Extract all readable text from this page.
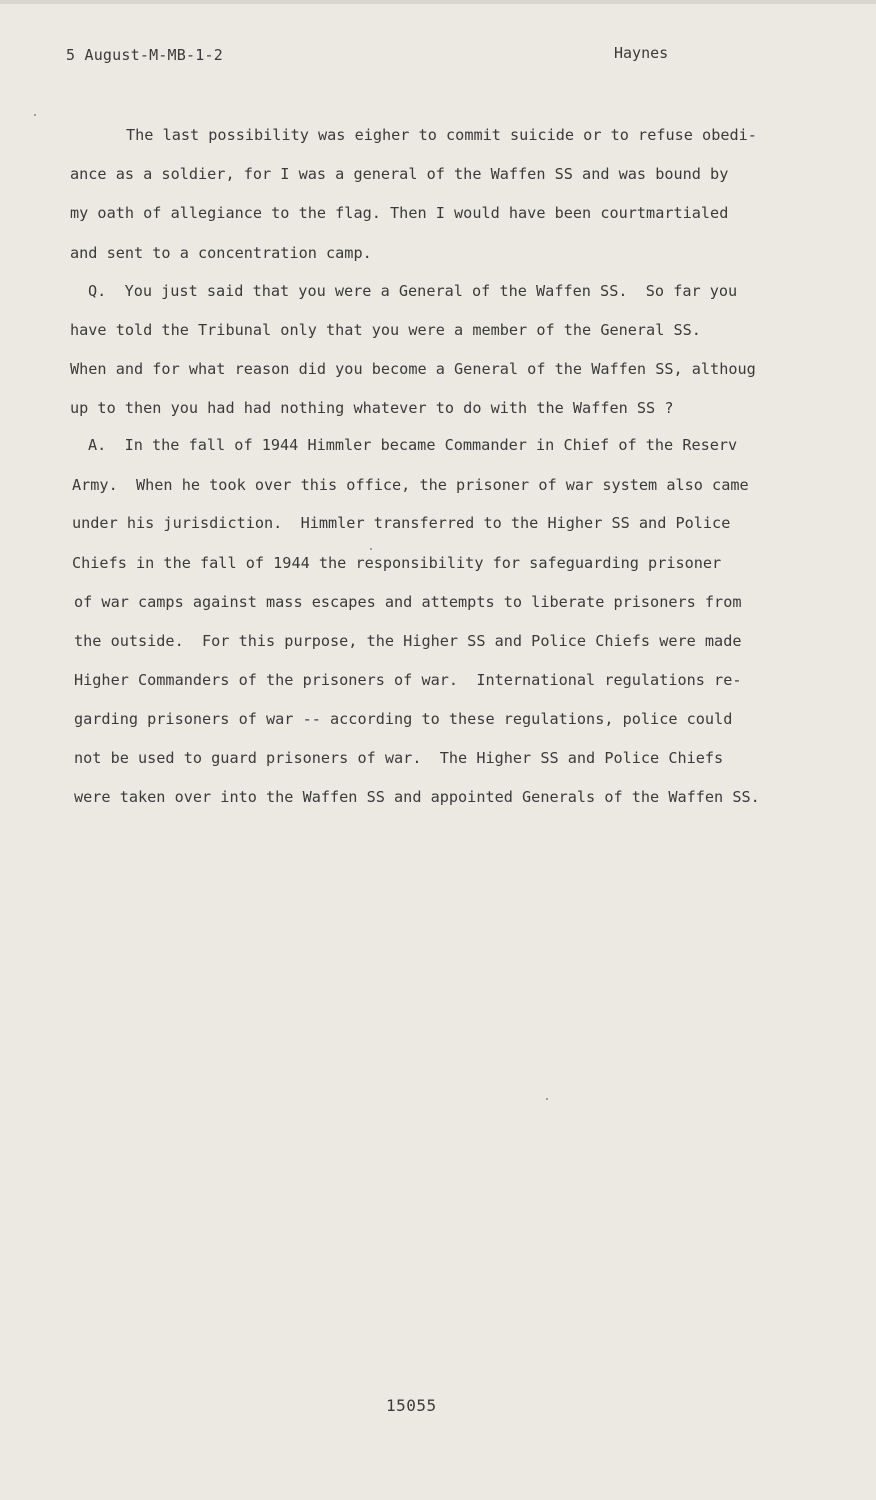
5 August-M-MB-1-2	Haynes
The last possibility was eigher to commit suicide or to refuse obedi-
ance as a soldier, for I was a general of the Waffen SS and was bound by
my oath of allegiance to the flag. Then I would have been courtmartialed
and sent to a concentration camp.
Q.  You just said that you were a General of the Waffen SS.  So far you
have told the Tribunal only that you were a member of the General SS.
When and for what reason did you become a General of the Waffen SS, althoug
up to then you had had nothing whatever to do with the Waffen SS ?
A.  In the fall of 1944 Himmler became Commander in Chief of the Reserv
Army.  When he took over this office, the prisoner of war system also came
under his jurisdiction.  Himmler transferred to the Higher SS and Police
Chiefs in the fall of 1944 the responsibility for safeguarding prisoner
of war camps against mass escapes and attempts to liberate prisoners from
the outside.  For this purpose, the Higher SS and Police Chiefs were made
Higher Commanders of the prisoners of war.  International regulations re-
garding prisoners of war -- according to these regulations, police could
not be used to guard prisoners of war.  The Higher SS and Police Chiefs
were taken over into the Waffen SS and appointed Generals of the Waffen SS.
15055
